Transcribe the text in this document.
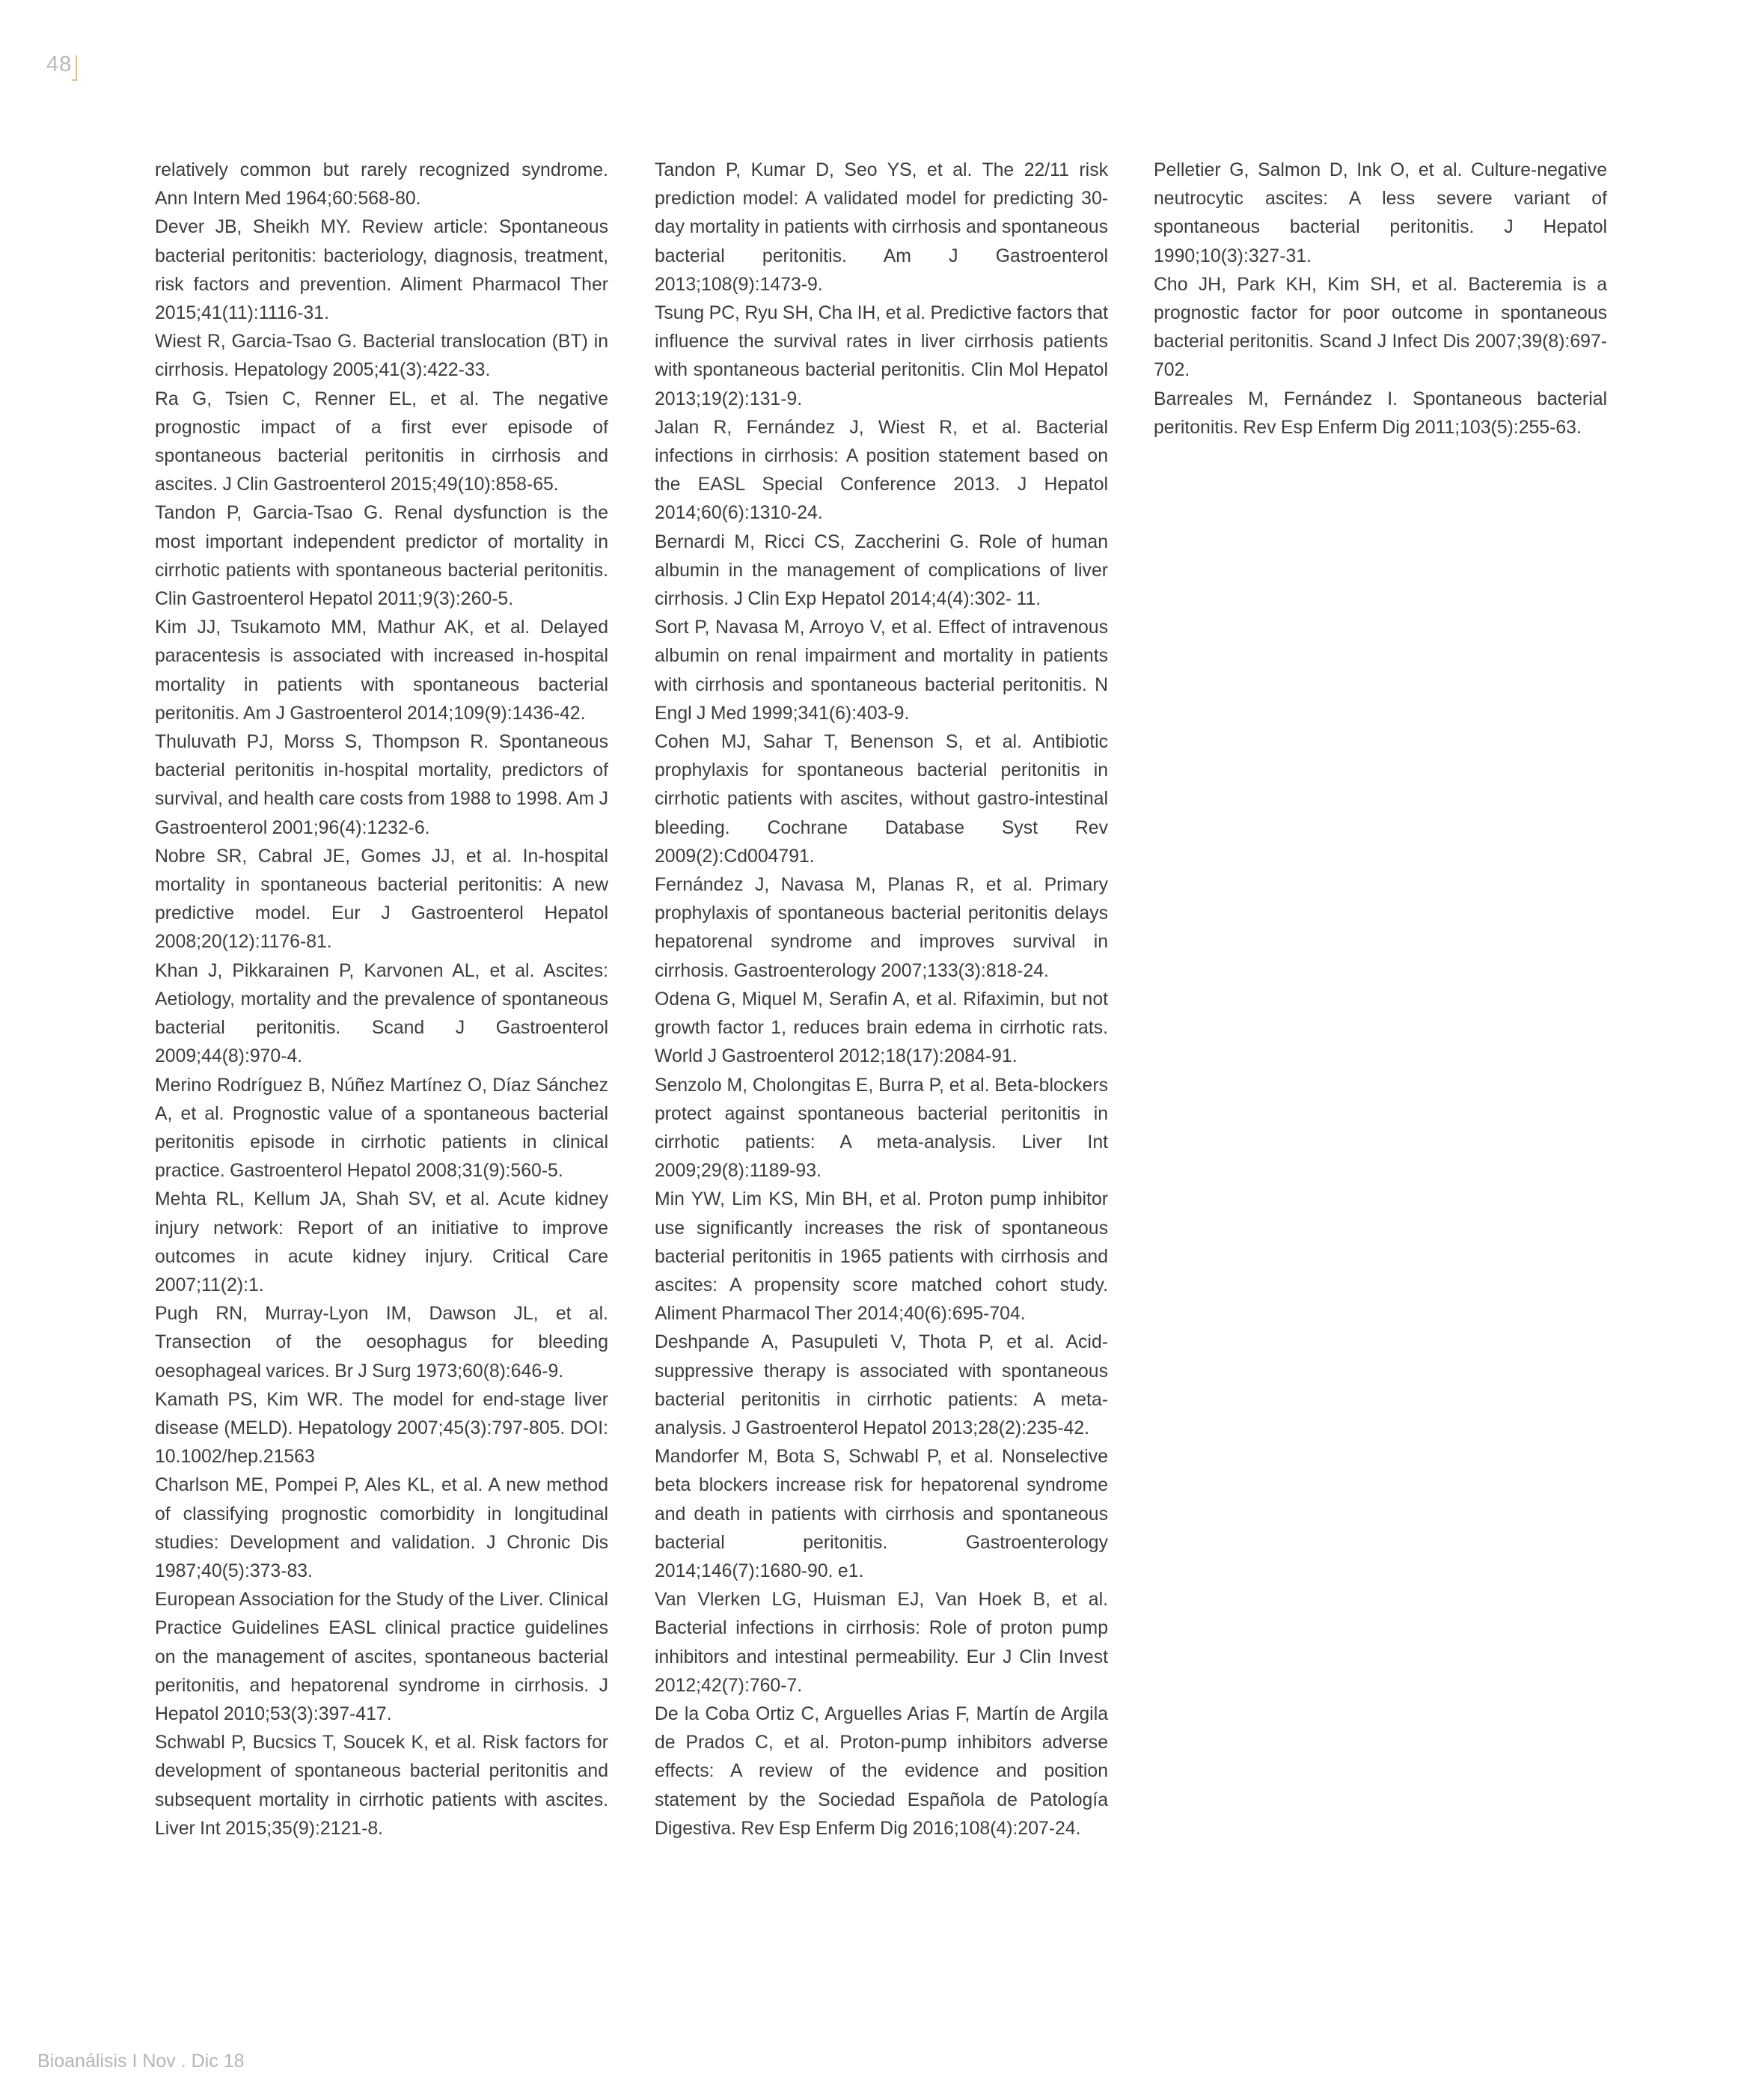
48
relatively common but rarely recognized syndrome. Ann Intern Med 1964;60:568-80.
Dever JB, Sheikh MY. Review article: Spontaneous bacterial peritonitis: bacteriology, diagnosis, treatment, risk factors and prevention. Aliment Pharmacol Ther 2015;41(11):1116-31.
Wiest R, Garcia-Tsao G. Bacterial translocation (BT) in cirrhosis. Hepatology 2005;41(3):422-33.
Ra G, Tsien C, Renner EL, et al. The negative prognostic impact of a first ever episode of spontaneous bacterial peritonitis in cirrhosis and ascites. J Clin Gastroenterol 2015;49(10):858-65.
Tandon P, Garcia-Tsao G. Renal dysfunction is the most important independent predictor of mortality in cirrhotic patients with spontaneous bacterial peritonitis. Clin Gastroenterol Hepatol 2011;9(3):260-5.
Kim JJ, Tsukamoto MM, Mathur AK, et al. Delayed paracentesis is associated with increased in-hospital mortality in patients with spontaneous bacterial peritonitis. Am J Gastroenterol 2014;109(9):1436-42.
Thuluvath PJ, Morss S, Thompson R. Spontaneous bacterial peritonitis in-hospital mortality, predictors of survival, and health care costs from 1988 to 1998. Am J Gastroenterol 2001;96(4):1232-6.
Nobre SR, Cabral JE, Gomes JJ, et al. In-hospital mortality in spontaneous bacterial peritonitis: A new predictive model. Eur J Gastroenterol Hepatol 2008;20(12):1176-81.
Khan J, Pikkarainen P, Karvonen AL, et al. Ascites: Aetiology, mortality and the prevalence of spontaneous bacterial peritonitis. Scand J Gastroenterol 2009;44(8):970-4.
Merino Rodríguez B, Núñez Martínez O, Díaz Sánchez A, et al. Prognostic value of a spontaneous bacterial peritonitis episode in cirrhotic patients in clinical practice. Gastroenterol Hepatol 2008;31(9):560-5.
Mehta RL, Kellum JA, Shah SV, et al. Acute kidney injury network: Report of an initiative to improve outcomes in acute kidney injury. Critical Care 2007;11(2):1.
Pugh RN, Murray-Lyon IM, Dawson JL, et al. Transection of the oesophagus for bleeding oesophageal varices. Br J Surg 1973;60(8):646-9.
Kamath PS, Kim WR. The model for end-stage liver disease (MELD). Hepatology 2007;45(3):797-805. DOI: 10.1002/hep.21563
Charlson ME, Pompei P, Ales KL, et al. A new method of classifying prognostic comorbidity in longitudinal studies: Development and validation. J Chronic Dis 1987;40(5):373-83.
European Association for the Study of the Liver. Clinical Practice Guidelines EASL clinical practice guidelines on the management of ascites, spontaneous bacterial peritonitis, and hepatorenal syndrome in cirrhosis. J Hepatol 2010;53(3):397-417.
Schwabl P, Bucsics T, Soucek K, et al. Risk factors for development of spontaneous bacterial peritonitis and subsequent mortality in cirrhotic patients with ascites. Liver Int 2015;35(9):2121-8.
Tandon P, Kumar D, Seo YS, et al. The 22/11 risk prediction model: A validated model for predicting 30-day mortality in patients with cirrhosis and spontaneous bacterial peritonitis. Am J Gastroenterol 2013;108(9):1473-9.
Tsung PC, Ryu SH, Cha IH, et al. Predictive factors that influence the survival rates in liver cirrhosis patients with spontaneous bacterial peritonitis. Clin Mol Hepatol 2013;19(2):131-9.
Jalan R, Fernández J, Wiest R, et al. Bacterial infections in cirrhosis: A position statement based on the EASL Special Conference 2013. J Hepatol 2014;60(6):1310-24.
Bernardi M, Ricci CS, Zaccherini G. Role of human albumin in the management of complications of liver cirrhosis. J Clin Exp Hepatol 2014;4(4):302- 11.
Sort P, Navasa M, Arroyo V, et al. Effect of intravenous albumin on renal impairment and mortality in patients with cirrhosis and spontaneous bacterial peritonitis. N Engl J Med 1999;341(6):403-9.
Cohen MJ, Sahar T, Benenson S, et al. Antibiotic prophylaxis for spontaneous bacterial peritonitis in cirrhotic patients with ascites, without gastro-intestinal bleeding. Cochrane Database Syst Rev 2009(2):Cd004791.
Fernández J, Navasa M, Planas R, et al. Primary prophylaxis of spontaneous bacterial peritonitis delays hepatorenal syndrome and improves survival in cirrhosis. Gastroenterology 2007;133(3):818-24.
Odena G, Miquel M, Serafin A, et al. Rifaximin, but not growth factor 1, reduces brain edema in cirrhotic rats. World J Gastroenterol 2012;18(17):2084-91.
Senzolo M, Cholongitas E, Burra P, et al. Beta-blockers protect against spontaneous bacterial peritonitis in cirrhotic patients: A meta-analysis. Liver Int 2009;29(8):1189-93.
Min YW, Lim KS, Min BH, et al. Proton pump inhibitor use significantly increases the risk of spontaneous bacterial peritonitis in 1965 patients with cirrhosis and ascites: A propensity score matched cohort study. Aliment Pharmacol Ther 2014;40(6):695-704.
Deshpande A, Pasupuleti V, Thota P, et al. Acid-suppressive therapy is associated with spontaneous bacterial peritonitis in cirrhotic patients: A meta-analysis. J Gastroenterol Hepatol 2013;28(2):235-42.
Mandorfer M, Bota S, Schwabl P, et al. Nonselective beta blockers increase risk for hepatorenal syndrome and death in patients with cirrhosis and spontaneous bacterial peritonitis. Gastroenterology 2014;146(7):1680-90. e1.
Van Vlerken LG, Huisman EJ, Van Hoek B, et al. Bacterial infections in cirrhosis: Role of proton pump inhibitors and intestinal permeability. Eur J Clin Invest 2012;42(7):760-7.
De la Coba Ortiz C, Arguelles Arias F, Martín de Argila de Prados C, et al. Proton-pump inhibitors adverse effects: A review of the evidence and position statement by the Sociedad Española de Patología Digestiva. Rev Esp Enferm Dig 2016;108(4):207-24.
Pelletier G, Salmon D, Ink O, et al. Culture-negative neutrocytic ascites: A less severe variant of spontaneous bacterial peritonitis. J Hepatol 1990;10(3):327-31.
Cho JH, Park KH, Kim SH, et al. Bacteremia is a prognostic factor for poor outcome in spontaneous bacterial peritonitis. Scand J Infect Dis 2007;39(8):697-702.
Barreales M, Fernández I. Spontaneous bacterial peritonitis. Rev Esp Enferm Dig 2011;103(5):255-63.
Bioanálisis I Nov . Dic 18
